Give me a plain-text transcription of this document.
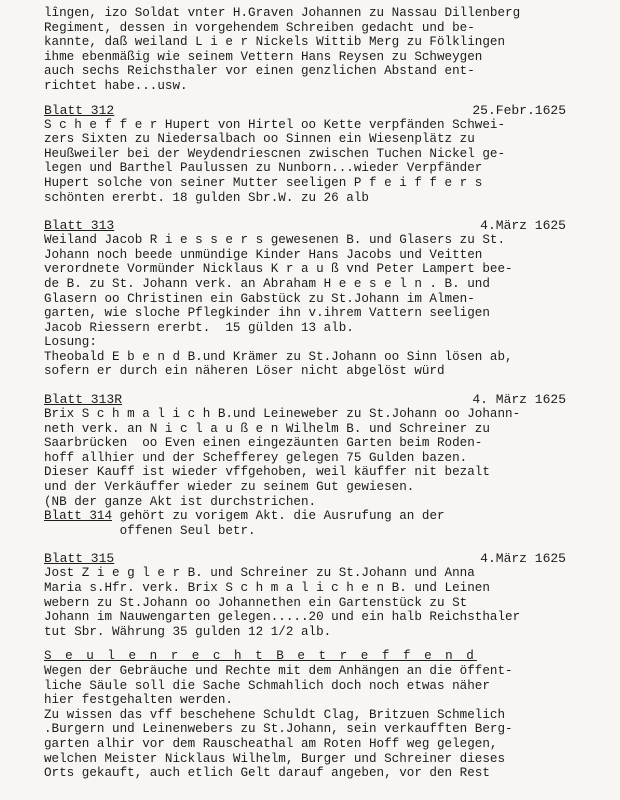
lîngen, izo Soldat vnter H.Graven Johannen zu Nassau Dillenberg
Regiment, dessen in vorgehendem Schreiben gedacht und be-
kannte, daß weiland L i e r Nickels Wittib Merg zu Fölklingen
ihme ebenmäßig wie seinem Vettern Hans Reysen zu Schweygen
auch sechs Reichsthaler vor einen genzlichen Abstand ent-
richtet habe...usw.
Blatt 312	25.Febr.1625
S c h e f f e r Hupert von Hirtel oo Kette verpfänden Schwei-
zers Sixten zu Niedersalbach oo Sinnen ein Wiesenplätz zu
Heußweiler bei der Weydendriescnen zwischen Tuchen Nickel ge-
legen und Barthel Paulussen zu Nunborn...wieder Verpfänder
Hupert solche von seiner Mutter seeligen P f e i f f e r s
schönten ererbt. 18 gulden Sbr.W. zu 26 alb
Blatt 313	4.März 1625
Weiland Jacob R i e s s e r s gewesenen B. und Glasers zu St.
Johann noch beede unmündige Kinder Hans Jacobs und Veitten
verordnete Vormünder Nicklaus K r a u ß vnd Peter Lampert bee-
de B. zu St. Johann verk. an Abraham H e e s e l n . B. und
Glasern oo Christinen ein Gabstück zu St.Johann im Almen-
garten, wie sloche Pflegkinder ihn v.ihrem Vattern seeligen
Jacob Riessern ererbt.  15 gülden 13 alb.
Losung:
Theobald E b e n d B.und Krämer zu St.Johann oo Sinn lösen ab,
sofern er durch ein näheren Löser nicht abgelöst würd
Blatt 313R	4. März 1625
Brix S c h m a l i c h B.und Leineweber zu St.Johann oo Johann-
neth verk. an N i c l a u ß e n Wilhelm B. und Schreiner zu
Saarbrücken  oo Even einen eingezäunten Garten beim Roden-
hoff allhier und der Schefferey gelegen 75 Gulden bazen.
Dieser Kauff ist wieder vffgehoben, weil käuffer nit bezalt
und der Verkäuffer wieder zu seinem Gut gewiesen.
(NB der ganze Akt ist durchstrichen.
Blatt 314 gehört zu vorigem Akt. die Ausrufung an der
offenen Seul betr.
Blatt 315	4.März 1625
Jost Z i e g l e r B. und Schreiner zu St.Johann und Anna
Maria s.Hfr. verk. Brix S c h m a l i c h e n B. und Leinen
webern zu St.Johann oo Johannethen ein Gartenstück zu St
Johann im Nauwengarten gelegen.....20 und ein halb Reichsthaler
tut Sbr. Währung 35 gulden 12 1/2 alb.
S e u l e n r e c h t B e t r e f f e n d
Wegen der Gebräuche und Rechte mit dem Anhängen an die öffent-
liche Säule soll die Sache Schmahlich doch noch etwas näher
hier festgehalten werden.
Zu wissen das vff beschehene Schuldt Clag, Britzuen Schmelich
.Burgern und Leinenwebers zu St.Johann, sein verkaufften Berg-
garten alhir vor dem Rauscheathal am Roten Hoff weg gelegen,
welchen Meister Nicklaus Wilhelm, Burger und Schreiner dieses
Orts gekauft, auch etlich Gelt darauf angeben, vor den Rest
